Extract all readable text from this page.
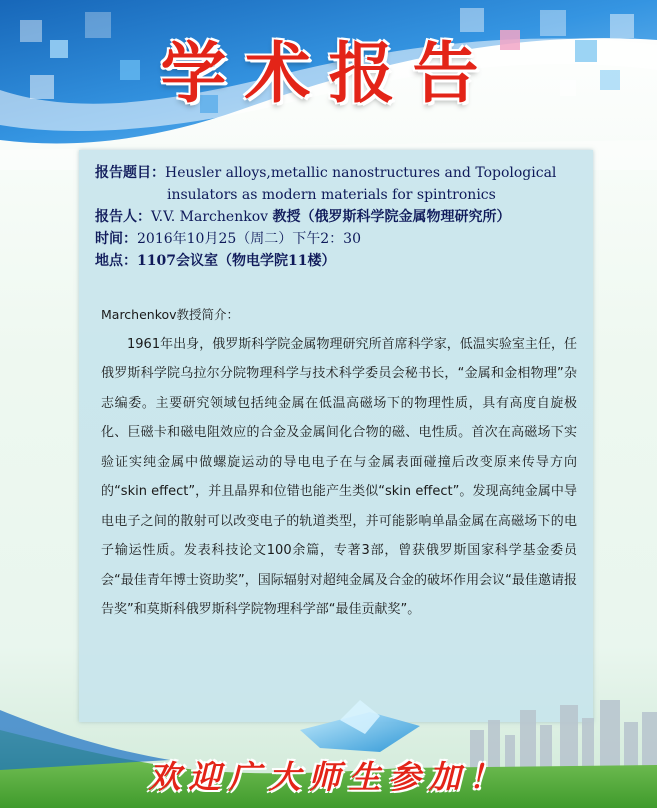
学术报告
报告题目：Heusler alloys,metallic nanostructures and Topological
insulators as modern materials for spintronics
报告人：V.V. Marchenkov 教授（俄罗斯科学院金属物理研究所）
时间：2016年10月25（周二）下午2：30
地点：1107会议室（物电学院11楼）
Marchenkov教授简介：
1961年出身，俄罗斯科学院金属物理研究所首席科学家，低温实验室主任，任俄罗斯科学院乌拉尔分院物理科学与技术科学委员会秘书长，“金属和金相物理”杂志编委。主要研究领域包括纯金属在低温高磁场下的物理性质，具有高度自旋极化、巨磁卡和磁电阻效应的合金及金属间化合物的磁、电性质。首次在高磁场下实验证实纯金属中做螺旋运动的导电电子在与金属表面碰撞后改变原来传导方向的“skin effect”，并且晶界和位错也能产生类似“skin effect”。发现高纯金属中导电电子之间的散射可以改变电子的轨道类型，并可能影响单晶金属在高磁场下的电子输运性质。发表科技论文100余篇，专著3部，曾获俄罗斯国家科学基金委员会“最佳青年博士资助奖”，国际辐射对超纯金属及合金的破坏作用会议“最佳邀请报告奖”和莫斯科俄罗斯科学院物理科学部“最佳贡献奖”。
欢迎广大师生参加！
